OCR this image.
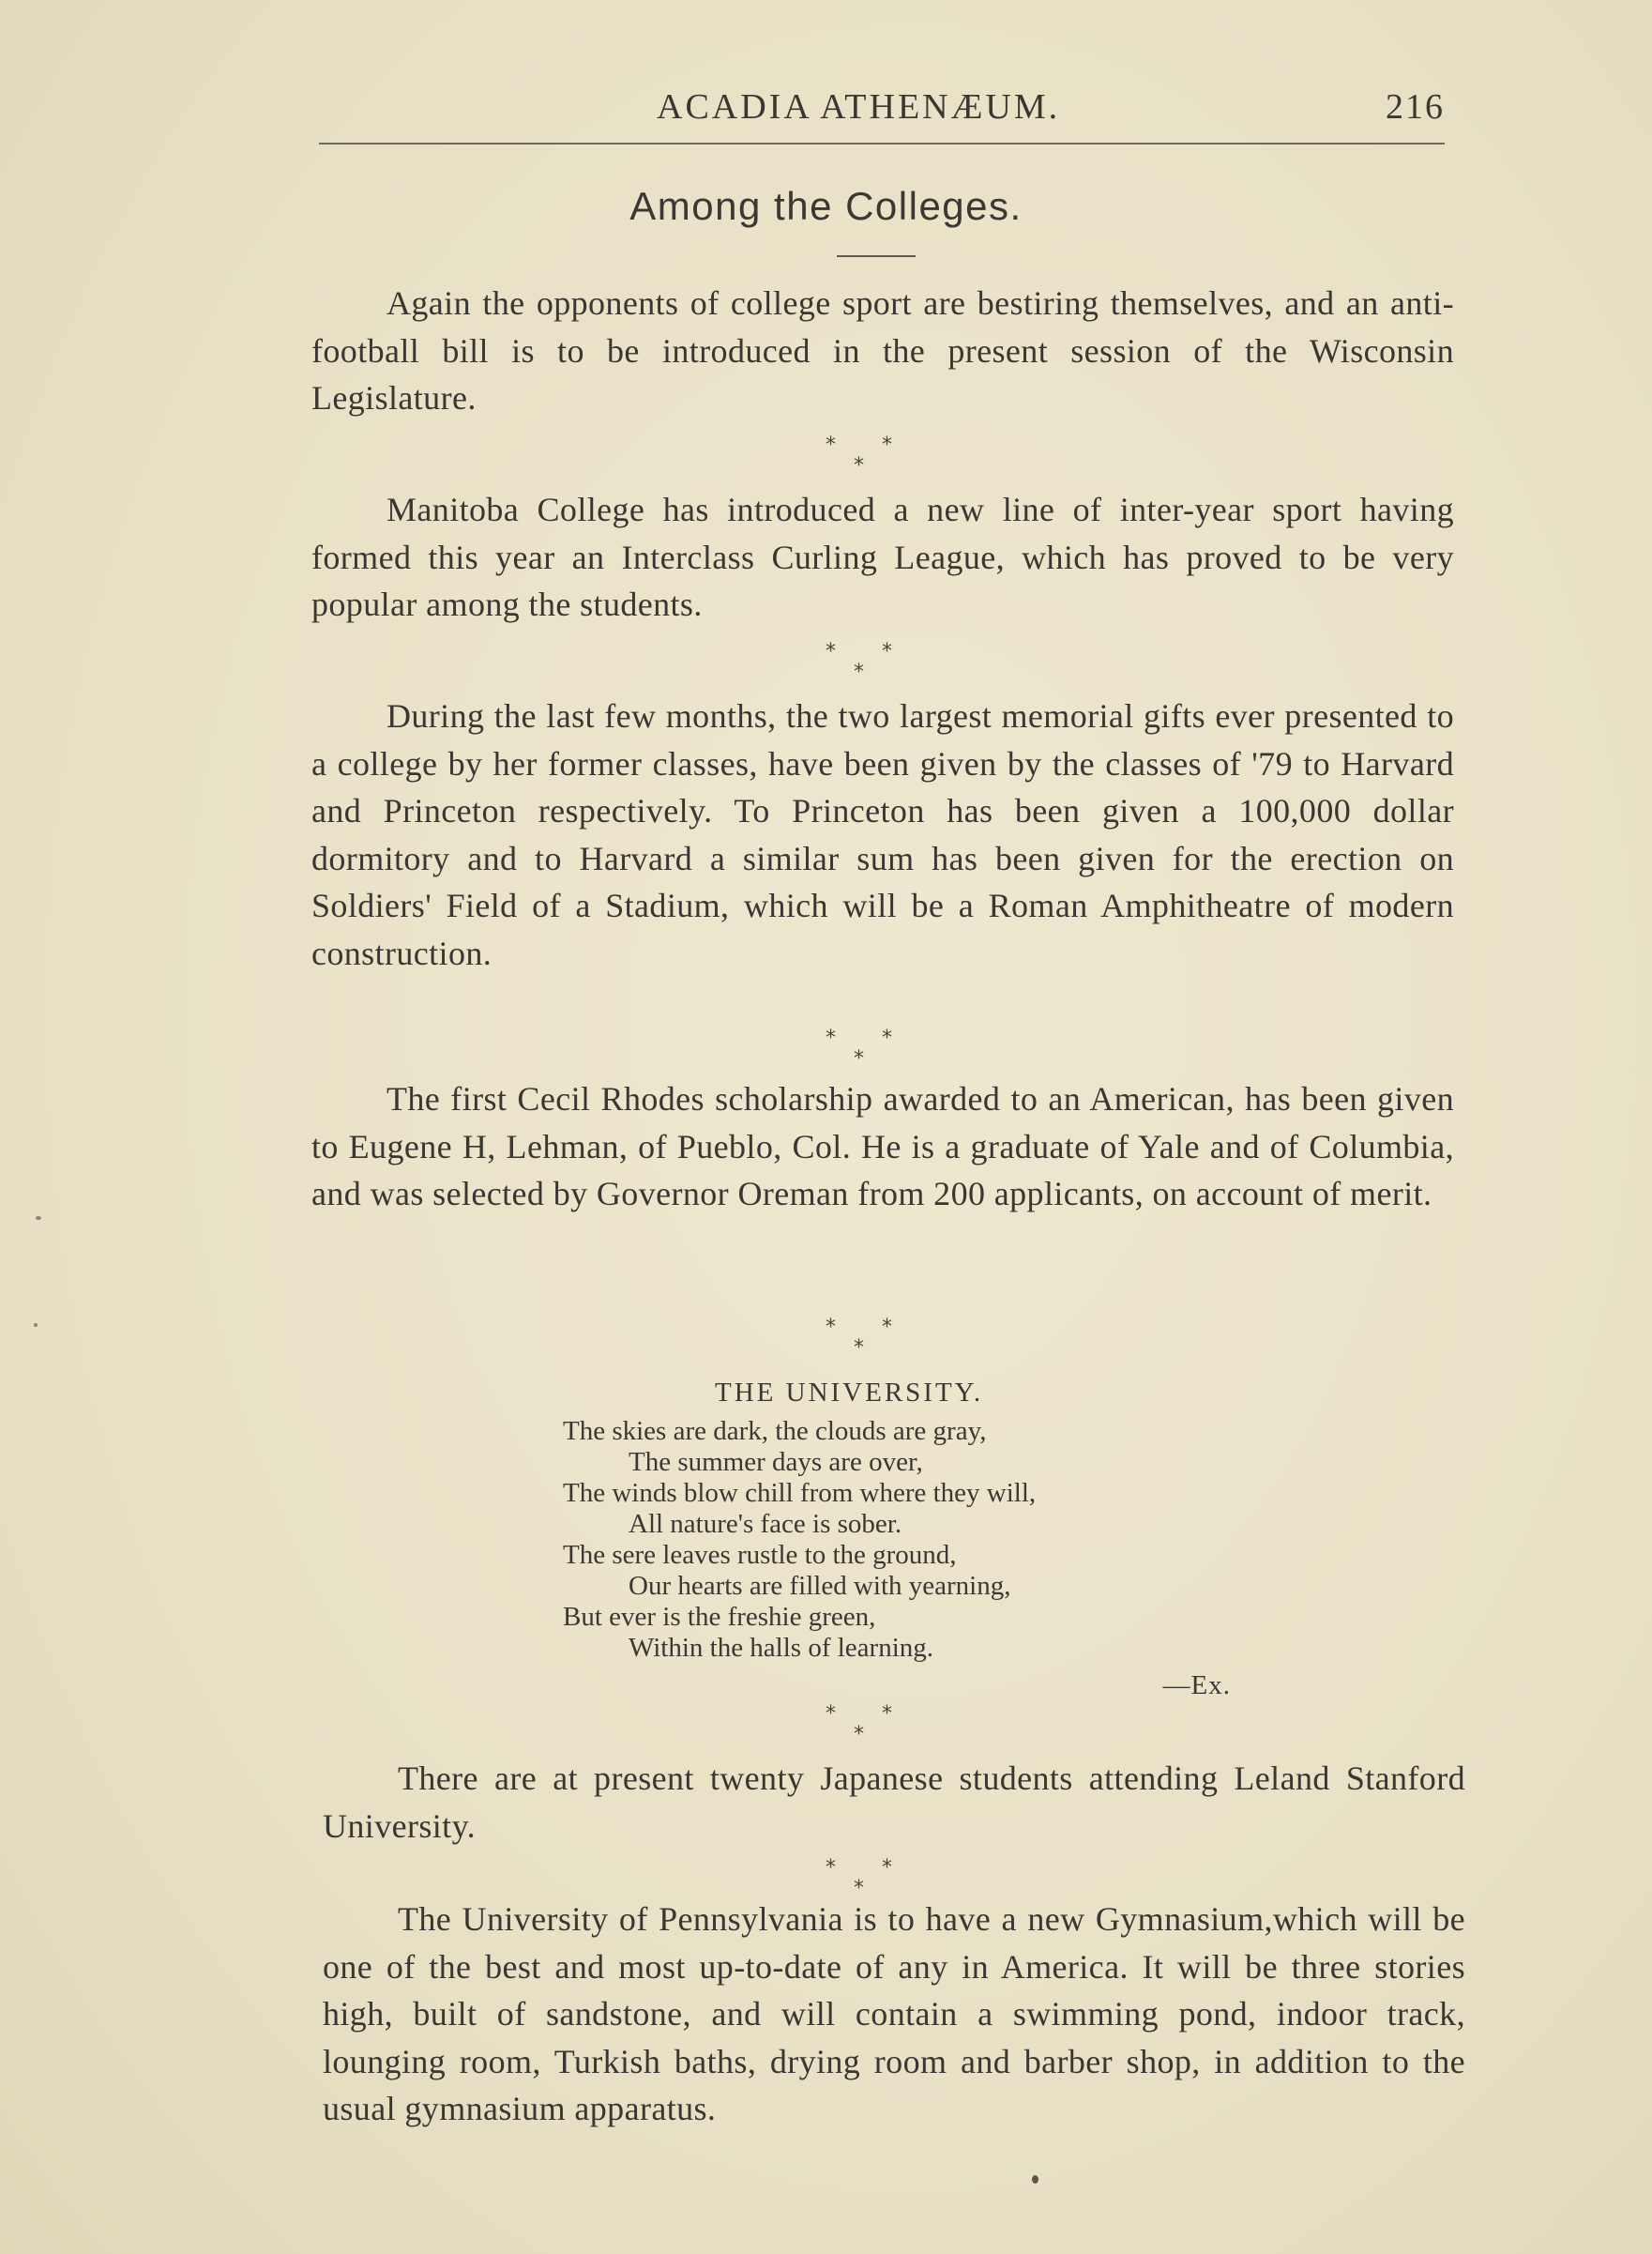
ACADIA ATHENÆUM.	216
Among the Colleges.

Again the opponents of college sport are bestiring themselves, and an anti-football bill is to be introduced in the present session of the Wisconsin Legislature.

* *
*

Manitoba College has introduced a new line of inter-year sport having formed this year an Interclass Curling League, which has proved to be very popular among the students.

* *
*

During the last few months, the two largest memorial gifts ever presented to a college by her former classes, have been given by the classes of '79 to Harvard and Princeton respectively. To Princeton has been given a 100,000 dollar dormitory and to Harvard a similar sum has been given for the erection on Soldiers' Field of a Stadium, which will be a Roman Amphitheatre of modern construction.

* *
*

The first Cecil Rhodes scholarship awarded to an American, has been given to Eugene H, Lehman, of Pueblo, Col. He is a graduate of Yale and of Columbia, and was selected by Governor Oreman from 200 applicants, on account of merit.

* *
*
THE UNIVERSITY.
The skies are dark, the clouds are gray,
The summer days are over,
The winds blow chill from where they will,
All nature's face is sober.
The sere leaves rustle to the ground,
Our hearts are filled with yearning,
But ever is the freshie green,
Within the halls of learning.
—Ex.
* *
*

There are at present twenty Japanese students attending Leland Stanford University.

* *
*

The University of Pennsylvania is to have a new Gymnasium,which will be one of the best and most up-to-date of any in America. It will be three stories high, built of sandstone, and will contain a swimming pond, indoor track, lounging room, Turkish baths, drying room and barber shop, in addition to the usual gymnasium apparatus.
